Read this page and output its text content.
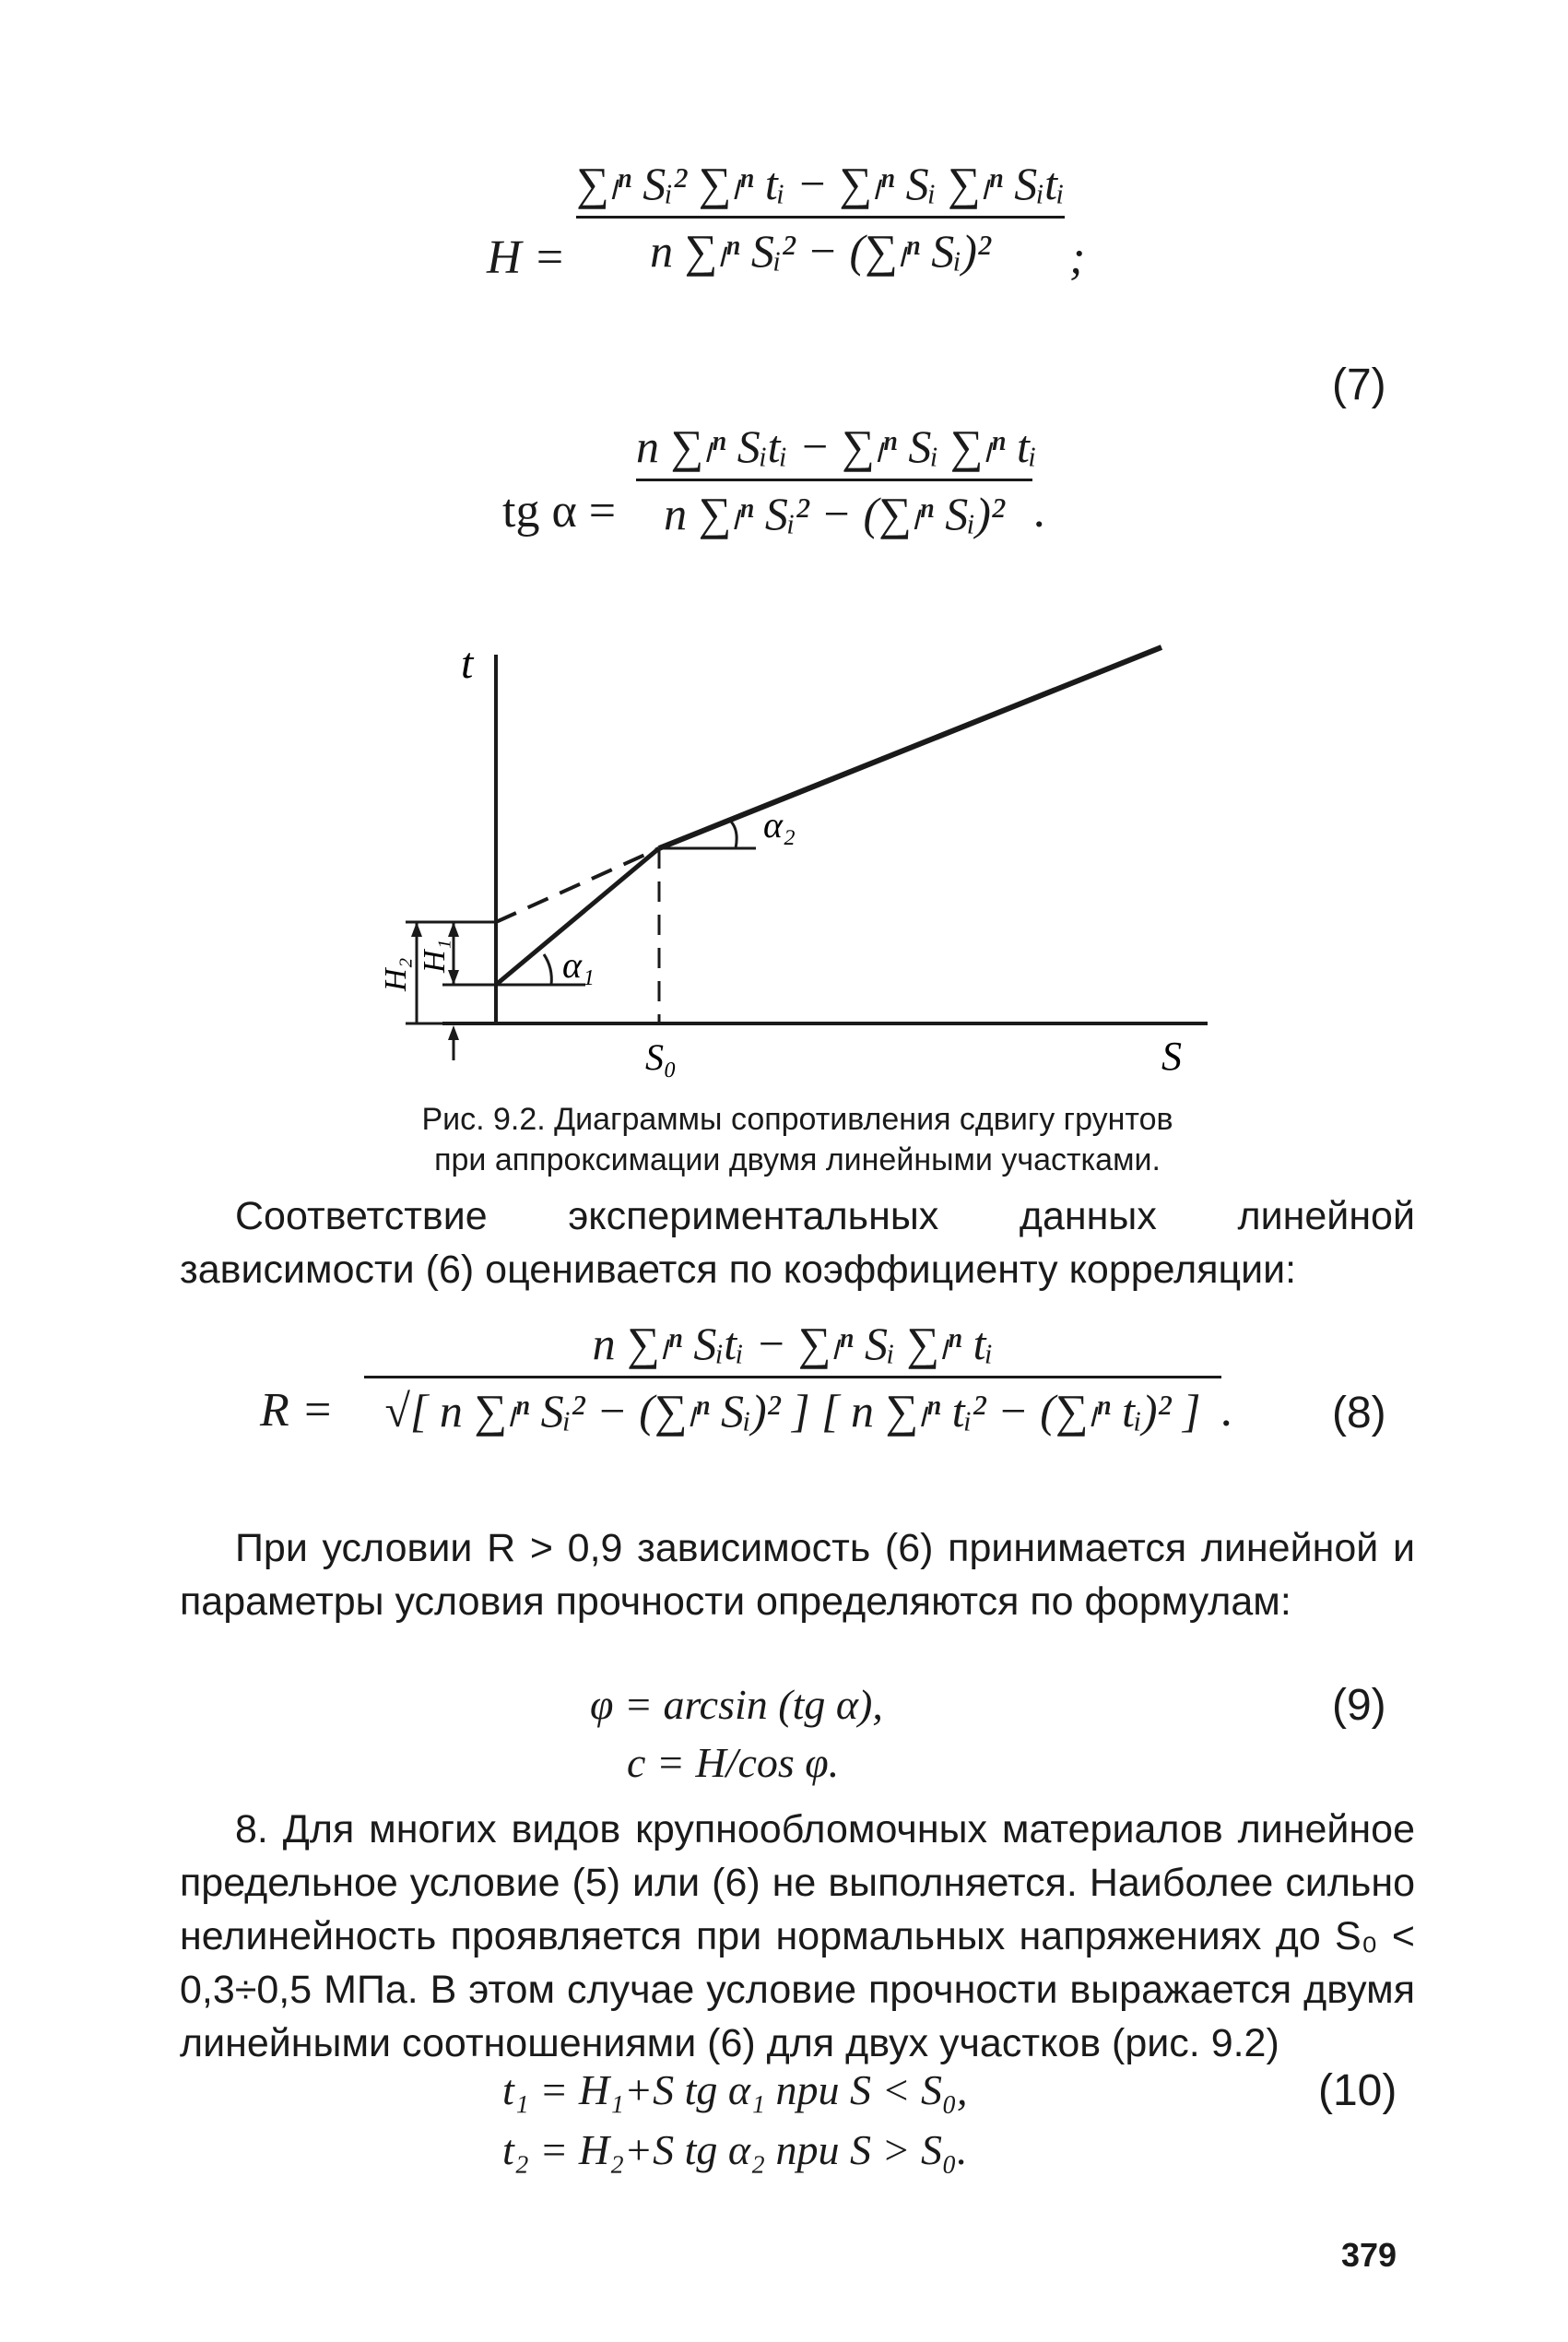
H =
∑ₗⁿ Sᵢ² ∑ₗⁿ tᵢ − ∑ₗⁿ Sᵢ ∑ₗⁿ Sᵢtᵢ
n ∑ₗⁿ Sᵢ² − (∑ₗⁿ Sᵢ)²	;
(7)
tg α =
n ∑ₗⁿ Sᵢtᵢ − ∑ₗⁿ Sᵢ ∑ₗⁿ tᵢ
n ∑ₗⁿ Sᵢ² − (∑ₗⁿ Sᵢ)² .
t
S
S₀
α₂
α₁
H₂
H₁
Рис. 9.2. Диаграммы сопротивления сдвигу грунтов
при аппроксимации двумя линейными участками.
Соответствие экспериментальных данных линейной зависимости (6) оценивается по коэффициенту корреляции:
R =
n ∑ₗⁿ Sᵢtᵢ − ∑ₗⁿ Sᵢ ∑ₗⁿ tᵢ
√[ n ∑ₗⁿ Sᵢ² − (∑ₗⁿ Sᵢ)² ] [ n ∑ₗⁿ tᵢ² − (∑ₗⁿ tᵢ)² ] . (8)
При условии R > 0,9 зависимость (6) принимается линейной и параметры условия прочности определяются по формулам:
φ = arcsin (tg α),
c = H/cos φ.
(9)
8. Для многих видов крупнообломочных материалов линейное предельное условие (5) или (6) не выполняется. Наиболее сильно нелинейность проявляется при нормальных напряжениях до S₀ < 0,3÷0,5 МПа. В этом случае условие прочности выражается двумя линейными соотношениями (6) для двух участков (рис. 9.2)
t₁ = H₁+S tg α₁ при S < S₀,
t₂ = H₂+S tg α₂ при S > S₀.
(10)
379
